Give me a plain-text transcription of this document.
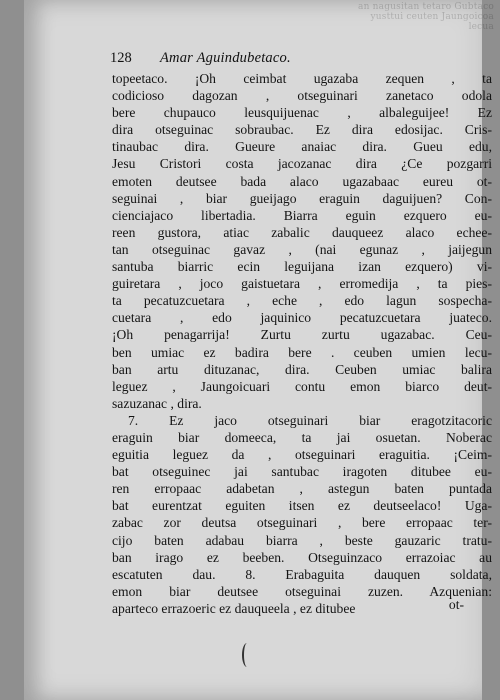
an nagusitan tetaro Gubtaco yusttui ceuten Jaungoicoa lecua
128 Amar Aguindubetaco.
topeetaco. ¡Oh ceimbat ugazaba zequen , ta
codicioso dagozan , otseguinari zanetaco odola
bere chupauco leusquijuenac , albaleguijee! Ez
dira otseguinac sobraubac. Ez dira edosijac. Cris-
tinaubac dira. Gueure anaiac dira. Gueu edu,
Jesu Cristori costa jacozanac dira ¿Ce pozgarri
emoten deutsee bada alaco ugazabaac eureu ot-
seguinai , biar gueijago eraguin daguijuen? Con-
cienciajaco libertadia. Biarra eguin ezquero eu-
reen gustora, atiac zabalic dauqueez alaco echee-
tan otseguinac gavaz , (nai egunaz , jaijegun
santuba biarric ecin leguijana izan ezquero) vi-
guiretara , joco gaistuetara , erromedija , ta pies-
ta pecatuzcuetara , eche , edo lagun sospecha-
cuetara , edo jaquinico pecatuzcuetara juateco.
¡Oh penagarrija! Zurtu zurtu ugazabac. Ceu-
ben umiac ez badira bere . ceuben umien lecu-
ban artu dituzanac, dira. Ceuben umiac balira
leguez , Jaungoicuari contu emon biarco deut-
sazuzanac , dira.
7. Ez jaco otseguinari biar eragotzitacoric
eraguin biar domeeca, ta jai osuetan. Noberac
eguitia leguez da , otseguinari eraguitia. ¡Ceim-
bat otseguinec jai santubac iragoten ditubee eu-
ren erropaac adabetan , astegun baten puntada
bat eurentzat eguiten itsen ez deutseelaco! Uga-
zabac zor deutsa otseguinari , bere erropaac ter-
cijo baten adabau biarra , beste gauzaric tratu-
ban irago ez beeben. Otseguinzaco errazoiac au
escatuten dau. 8. Erabaguita dauquen soldata,
emon biar deutsee otseguinai zuzen. Azquenian:
aparteco errazoeric ez dauqueela , ez ditubee	ot-
